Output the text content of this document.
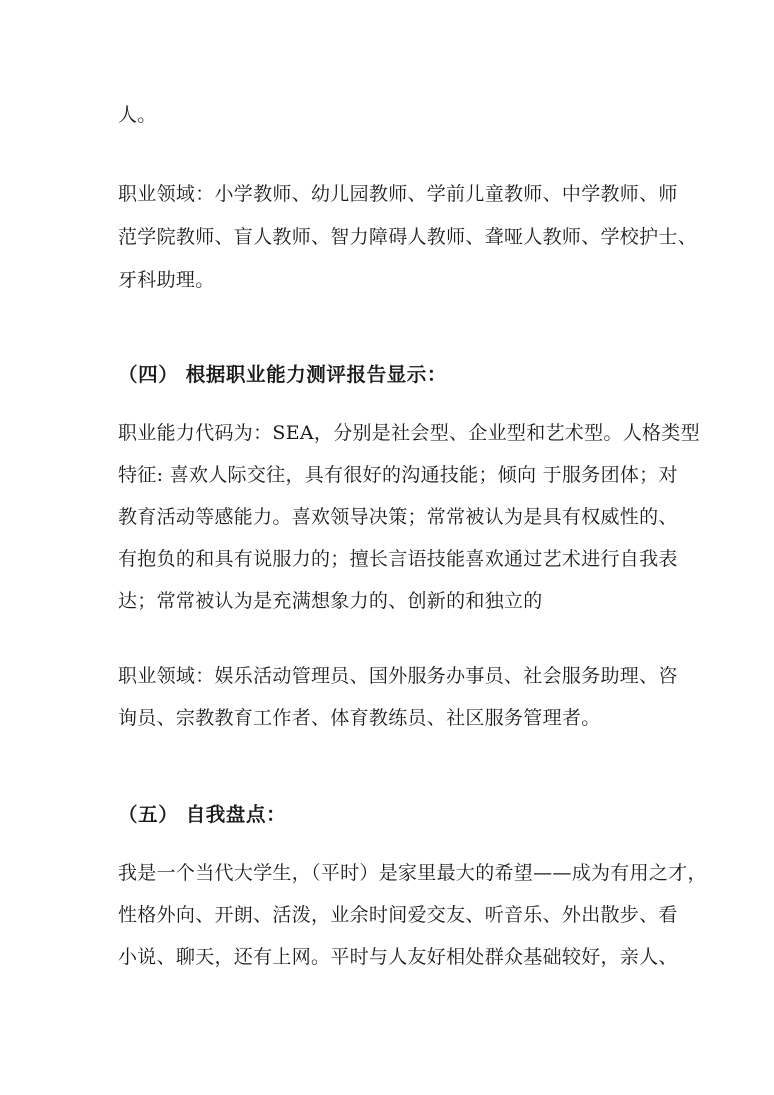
人。
职业领域：小学教师、幼儿园教师、学前儿童教师、中学教师、师
范学院教师、盲人教师、智力障碍人教师、聋哑人教师、学校护士、
牙科助理。
（四） 根据职业能力测评报告显示：
职业能力代码为：SEA，分别是社会型、企业型和艺术型。人格类型
特征: 喜欢人际交往，具有很好的沟通技能；倾向 于服务团体；对
教育活动等感能力。喜欢领导决策；常常被认为是具有权威性的、
有抱负的和具有说服力的；擅长言语技能喜欢通过艺术进行自我表
达；常常被认为是充满想象力的、创新的和独立的
职业领域：娱乐活动管理员、国外服务办事员、社会服务助理、咨
询员、宗教教育工作者、体育教练员、社区服务管理者。
（五） 自我盘点：
我是一个当代大学生，（平时）是家里最大的希望——成为有用之才，
性格外向、开朗、活泼，业余时间爱交友、听音乐、外出散步、看
小说、聊天，还有上网。平时与人友好相处群众基础较好，亲人、
